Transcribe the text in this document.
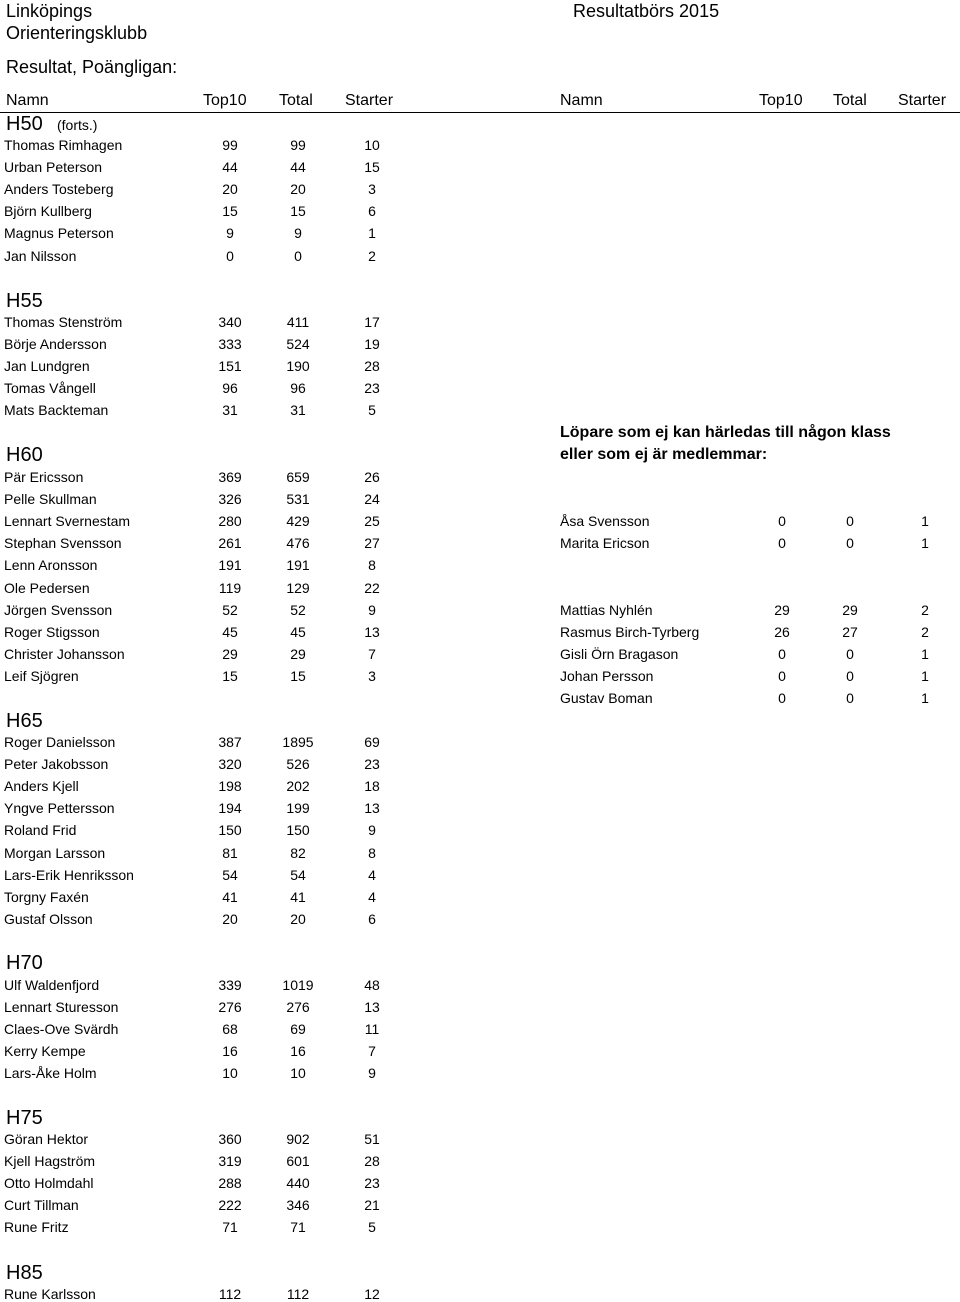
Linköpings
Orienteringsklubb
Resultatbörs 2015
Resultat, Poängligan:
Namn	Top10 Total Starter	Namn	Top10 Total Starter
Löpare som ej kan härledas till någon klass
eller som ej är medlemmar:
H50 (forts.)
H55
H60
H65
H70
H75
H85
Thomas Rimhagen	99	99	10
Urban Peterson	44	44	15
Anders Tosteberg	20	20	3
Björn Kullberg	15	15	6
Magnus Peterson	9	9	1
Jan Nilsson	0	0	2
Thomas Stenström	340	411	17
Börje Andersson	333	524	19
Jan Lundgren	151	190	28
Tomas Vångell	96	96	23
Mats Backteman	31	31	5
Pär Ericsson	369	659	26
Pelle Skullman	326	531	24
Lennart Svernestam	280	429	25
Stephan Svensson	261	476	27
Lenn Aronsson	191	191	8
Ole Pedersen	119	129	22
Jörgen Svensson	52	52	9
Roger Stigsson	45	45	13
Christer Johansson	29	29	7
Leif Sjögren	15	15	3
Roger Danielsson	387	1895	69
Peter Jakobsson	320	526	23
Anders Kjell	198	202	18
Yngve Pettersson	194	199	13
Roland Frid	150	150	9
Morgan Larsson	81	82	8
Lars-Erik Henriksson	54	54	4
Torgny Faxén	41	41	4
Gustaf Olsson	20	20	6
Ulf Waldenfjord	339	1019	48
Lennart Sturesson	276	276	13
Claes-Ove Svärdh	68	69	11
Kerry Kempe	16	16	7
Lars-Åke Holm	10	10	9
Göran Hektor	360	902	51
Kjell Hagström	319	601	28
Otto Holmdahl	288	440	23
Curt Tillman	222	346	21
Rune Fritz	71	71	5
Rune Karlsson	112	112	12
Åsa Svensson	0	0	1
Marita Ericson	0	0	1
Mattias Nyhlén	29	29	2
Rasmus Birch-Tyrberg	26	27	2
Gisli Örn Bragason	0	0	1
Johan Persson	0	0	1
Gustav Boman	0	0	1
